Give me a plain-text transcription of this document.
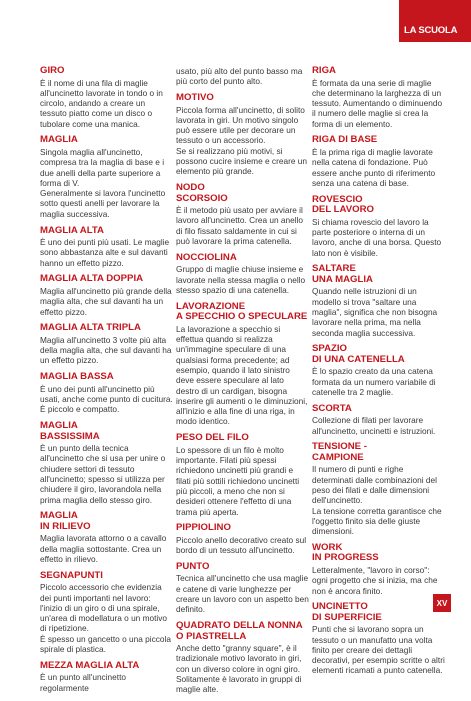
LA SCUOLA
GIRO

È il nome di una fila di maglie all'uncinetto lavorate in tondo o in circolo, andando a creare un tessuto piatto come un disco o tubolare come una manica.

MAGLIA

Singola maglia all'uncinetto, compresa tra la maglia di base e i due anelli della parte superiore a forma di V.

Generalmente si lavora l'uncinetto sotto questi anelli per lavorare la maglia successiva.

MAGLIA ALTA

È uno dei punti più usati. Le maglie sono abbastanza alte e sul davanti hanno un effetto pizzo.

MAGLIA ALTA DOPPIA

Maglia all'uncinetto più grande della maglia alta, che sul davanti ha un effetto pizzo.

MAGLIA ALTA TRIPLA

Maglia all'uncinetto 3 volte più alta della maglia alta, che sul davanti ha un effetto pizzo.

MAGLIA BASSA

È uno dei punti all'uncinetto più usati, anche come punto di cucitura. È piccolo e compatto.

MAGLIA
BASSISSIMA

È un punto della tecnica all'uncinetto che si usa per unire o chiudere settori di tessuto all'uncinetto; spesso si utilizza per chiudere il giro, lavorandola nella prima maglia dello stesso giro.

MAGLIA
IN RILIEVO

Maglia lavorata attorno o a cavallo della maglia sottostante. Crea un effetto in rilievo.

SEGNAPUNTI

Piccolo accessorio che evidenzia dei punti importanti nel lavoro: l'inizio di un giro o di una spirale, un'area di modellatura o un motivo di ripetizione.

È spesso un gancetto o una piccola spirale di plastica.

MEZZA MAGLIA ALTA

È un punto all'uncinetto regolarmente

usato, più alto del punto basso ma più corto del punto alto.

MOTIVO

Piccola forma all'uncinetto, di solito lavorata in giri. Un motivo singolo può essere utile per decorare un tessuto o un accessorio.

Se si realizzano più motivi, si possono cucire insieme e creare un elemento più grande.

NODO
SCORSOIO

È il metodo più usato per avviare il lavoro all'uncinetto. Crea un anello di filo fissato saldamente in cui si può lavorare la prima catenella.

NOCCIOLINA

Gruppo di maglie chiuse insieme e lavorate nella stessa maglia o nello stesso spazio di una catenella.

LAVORAZIONE
A SPECCHIO O SPECULARE

La lavorazione a specchio si effettua quando si realizza un'immagine speculare di una qualsiasi forma precedente; ad esempio, quando il lato sinistro deve essere speculare al lato destro di un cardigan, bisogna inserire gli aumenti o le diminuzioni, all'inizio e alla fine di una riga, in modo identico.

PESO DEL FILO

Lo spessore di un filo è molto importante. Filati più spessi richiedono uncinetti più grandi e filati più sottili richiedono uncinetti più piccoli, a meno che non si desideri ottenere l'effetto di una trama più aperta.

PIPPIOLINO

Piccolo anello decorativo creato sul bordo di un tessuto all'uncinetto.

PUNTO

Tecnica all'uncinetto che usa maglie e catene di varie lunghezze per creare un lavoro con un aspetto ben definito.

QUADRATO DELLA NONNA
O PIASTRELLA

Anche detto "granny square", è il tradizionale motivo lavorato in giri, con un diverso colore in ogni giro. Solitamente è lavorato in gruppi di maglie alte.

RIGA

È formata da una serie di maglie che determinano la larghezza di un tessuto. Aumentando o diminuendo il numero delle maglie si crea la forma di un elemento.

RIGA DI BASE

È la prima riga di maglie lavorate nella catena di fondazione. Può essere anche punto di riferimento senza una catena di base.

ROVESCIO
DEL LAVORO

Si chiama rovescio del lavoro la parte posteriore o interna di un lavoro, anche di una borsa. Questo lato non è visibile.

SALTARE
UNA MAGLIA

Quando nelle istruzioni di un modello si trova "saltare una maglia", significa che non bisogna lavorare nella prima, ma nella seconda maglia successiva.

SPAZIO
DI UNA CATENELLA

È lo spazio creato da una catena formata da un numero variabile di catenelle tra 2 maglie.

SCORTA

Collezione di filati per lavorare all'uncinetto, uncinetti e istruzioni.

TENSIONE -
CAMPIONE

Il numero di punti e righe determinati dalle combinazioni del peso dei filati e dalle dimensioni dell'uncinetto.

La tensione corretta garantisce che l'oggetto finito sia delle giuste dimensioni.

WORK
IN PROGRESS

Letteralmente, "lavoro in corso": ogni progetto che si inizia, ma che non è ancora finito.

UNCINETTO
DI SUPERFICIE

Punti che si lavorano sopra un tessuto o un manufatto una volta finito per creare dei dettagli decorativi, per esempio scritte o altri elementi ricamati a punto catenella.

XV
